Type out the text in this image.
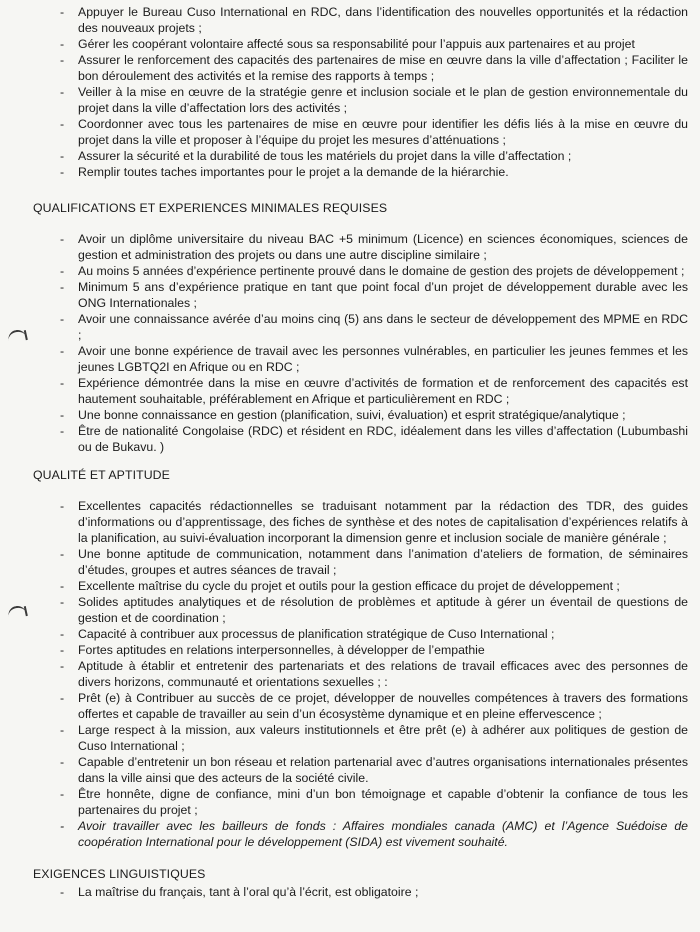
- Appuyer le Bureau Cuso International en RDC, dans l’identification des nouvelles opportunités et la rédaction des nouveaux projets ;
- Gérer les coopérant volontaire affecté sous sa responsabilité pour l’appuis aux partenaires et au projet
- Assurer le renforcement des capacités des partenaires de mise en œuvre dans la ville d’affectation ; Faciliter le bon déroulement des activités et la remise des rapports à temps ;
- Veiller à la mise en œuvre de la stratégie genre et inclusion sociale et le plan de gestion environnementale du projet dans la ville d’affectation lors des activités ;
- Coordonner avec tous les partenaires de mise en œuvre pour identifier les défis liés à la mise en œuvre du projet dans la ville et proposer à l’équipe du projet les mesures d’atténuations ;
- Assurer la sécurité et la durabilité de tous les matériels du projet dans la ville d’affectation ;
- Remplir toutes taches importantes pour le projet a la demande de la hiérarchie.
QUALIFICATIONS ET EXPERIENCES MINIMALES REQUISES
- Avoir un diplôme universitaire du niveau BAC +5 minimum (Licence) en sciences économiques, sciences de gestion et administration des projets ou dans une autre discipline similaire ;
- Au moins 5 années d’expérience pertinente prouvé dans le domaine de gestion des projets de développement ;
- Minimum 5 ans d’expérience pratique en tant que point focal d’un projet de développement durable avec les ONG Internationales ;
- Avoir une connaissance avérée d’au moins cinq (5) ans dans le secteur de développement des MPME en RDC ;
- Avoir une bonne expérience de travail avec les personnes vulnérables, en particulier les jeunes femmes et les jeunes LGBTQ2I en Afrique ou en RDC ;
- Expérience démontrée dans la mise en œuvre d’activités de formation et de renforcement des capacités est hautement souhaitable, préférablement en Afrique et particulièrement en RDC ;
- Une bonne connaissance en gestion (planification, suivi, évaluation) et esprit stratégique/analytique ;
- Être de nationalité Congolaise (RDC) et résident en RDC, idéalement dans les villes d’affectation (Lubumbashi ou de Bukavu. )
QUALITÉ ET APTITUDE
- Excellentes capacités rédactionnelles se traduisant notamment par la rédaction des TDR, des guides d’informations ou d’apprentissage, des fiches de synthèse et des notes de capitalisation d’expériences relatifs à la planification, au suivi-évaluation incorporant la dimension genre et inclusion sociale de manière générale ;
- Une bonne aptitude de communication, notamment dans l’animation d’ateliers de formation, de séminaires d’études, groupes et autres séances de travail ;
- Excellente maîtrise du cycle du projet et outils pour la gestion efficace du projet de développement ;
- Solides aptitudes analytiques et de résolution de problèmes et aptitude à gérer un éventail de questions de gestion et de coordination ;
- Capacité à contribuer aux processus de planification stratégique de Cuso International ;
- Fortes aptitudes en relations interpersonnelles, à développer de l’empathie
- Aptitude à établir et entretenir des partenariats et des relations de travail efficaces avec des personnes de divers horizons, communauté et orientations sexuelles ; :
- Prêt (e) à Contribuer au succès de ce projet, développer de nouvelles compétences à travers des formations offertes et capable de travailler au sein d’un écosystème dynamique et en pleine effervescence ;
- Large respect à la mission, aux valeurs institutionnels et être prêt (e) à adhérer aux politiques de gestion de Cuso International ;
- Capable d’entretenir un bon réseau et relation partenarial avec d’autres organisations internationales présentes dans la ville ainsi que des acteurs de la société civile.
- Être honnête, digne de confiance, mini d’un bon témoignage et capable d’obtenir la confiance de tous les partenaires du projet ;
- Avoir travailler avec les bailleurs de fonds : Affaires mondiales canada (AMC) et l’Agence Suédoise de coopération International pour le développement (SIDA) est vivement souhaité.
EXIGENCES LINGUISTIQUES
- La maîtrise du français, tant à l’oral qu’à l’écrit, est obligatoire ;
